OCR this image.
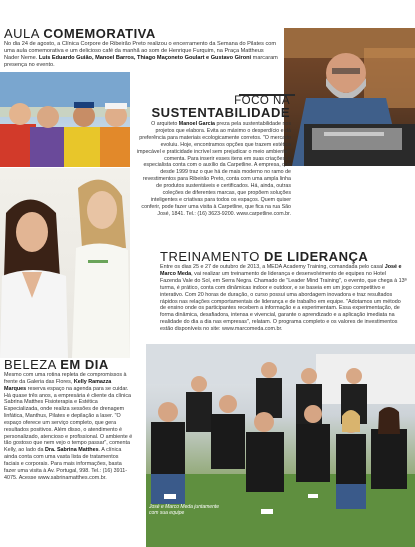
AULA COMEMORATIVA
No dia 24 de agosto, a Clínica Corpore de Ribeirão Preto realizou o encerramento da Semana do Pilates com uma aula comemorativa e um delicioso café da manhã ao som de Henrique Furquim, na Praça Mattheus Nader Neme. Luis Eduardo Guião, Manoel Barros, Thiago Maçoneto Goulart e Gustavo Gironi marcaram presença no evento.
FOCO NA
SUSTENTABILIDADE
O arquiteto Manoel Garcia preza pela sustentabilidade nos projetos que elabora. Evita ao máximo o desperdício e dá preferência para materiais ecologicamente corretos. "O mercado evoluiu. Hoje, encontramos opções que trazem estética impecável e praticidade incrível sem prejudicar o meio ambiente", comenta. Para inserir esses itens em suas criações, o especialista conta com o auxílio da Carpetline. A empresa, que desde 1999 traz o que há de mais moderno no ramo de revestimentos para Ribeirão Preto, conta com uma ampla linha de produtos sustentáveis e certificados. Há, ainda, outras coleções de diferentes marcas, que propõem soluções inteligentes e criativas para todos os espaços. Quem quiser conferir, pode fazer uma visita à Carpetline, que fica na rua São José, 1841. Tel.: (16) 3623-9200. www.carpetline.com.br.
TREINAMENTO DE LIDERANÇA
Entre os dias 25 e 27 de outubro de 2013, a MEDA Academy Training, comandada pelo casal José e Marco Meda, vai realizar um treinamento de liderança e desenvolvimento de equipes no Hotel Fazenda Vale do Sol, em Serra Negra. Chamado de "Leader Mind Training", o evento, que chega à 13ª turma, é prático, conta com dinâmicas indoor e outdoor, e se baseia em um jogo competitivo e interativo. Com 20 horas de duração, o curso possui uma abordagem inovadora e traz resultados rápidos nas relações comportamentais de liderança e de trabalho em equipe. "Adotamos um método de ensino onde os participantes recebem a informação e a experimentam. Essa experimentação, de forma dinâmica, desafiadora, intensa e vivencial, garante o aprendizado e a aplicação imediata na realidade do dia a dia nas empresas", relatam. O programa completo e os valores de investimentos estão disponíveis no site: www.marcomeda.com.br.
José e Marco Meda juntamente com sua equipe
BELEZA EM DIA
Mesmo com uma rotina repleta de compromissos à frente da Galeria das Flores, Kelly Ramazza Marques reserva espaço na agenda para se cuidar. Há quase três anos, a empresária é cliente da clínica Sabrina Matthes Fisioterapia e Estética Especializada, onde realiza sessões de drenagem linfática, Manthus, Pilates e depilação a laser. "O espaço oferece um serviço completo, que gera resultados positivos. Além disso, o atendimento é personalizado, atencioso e profissional. O ambiente é tão gostoso que nem vejo o tempo passar", comenta Kelly, ao lado da Dra. Sabrina Matthes. A clínica ainda conta com uma vasta lista de tratamentos faciais e corporais. Para mais informações, basta fazer uma visita à Av. Portugal, 998. Tel.: (16) 3911-4075. Acesse www.sabrinamatthes.com.br.
